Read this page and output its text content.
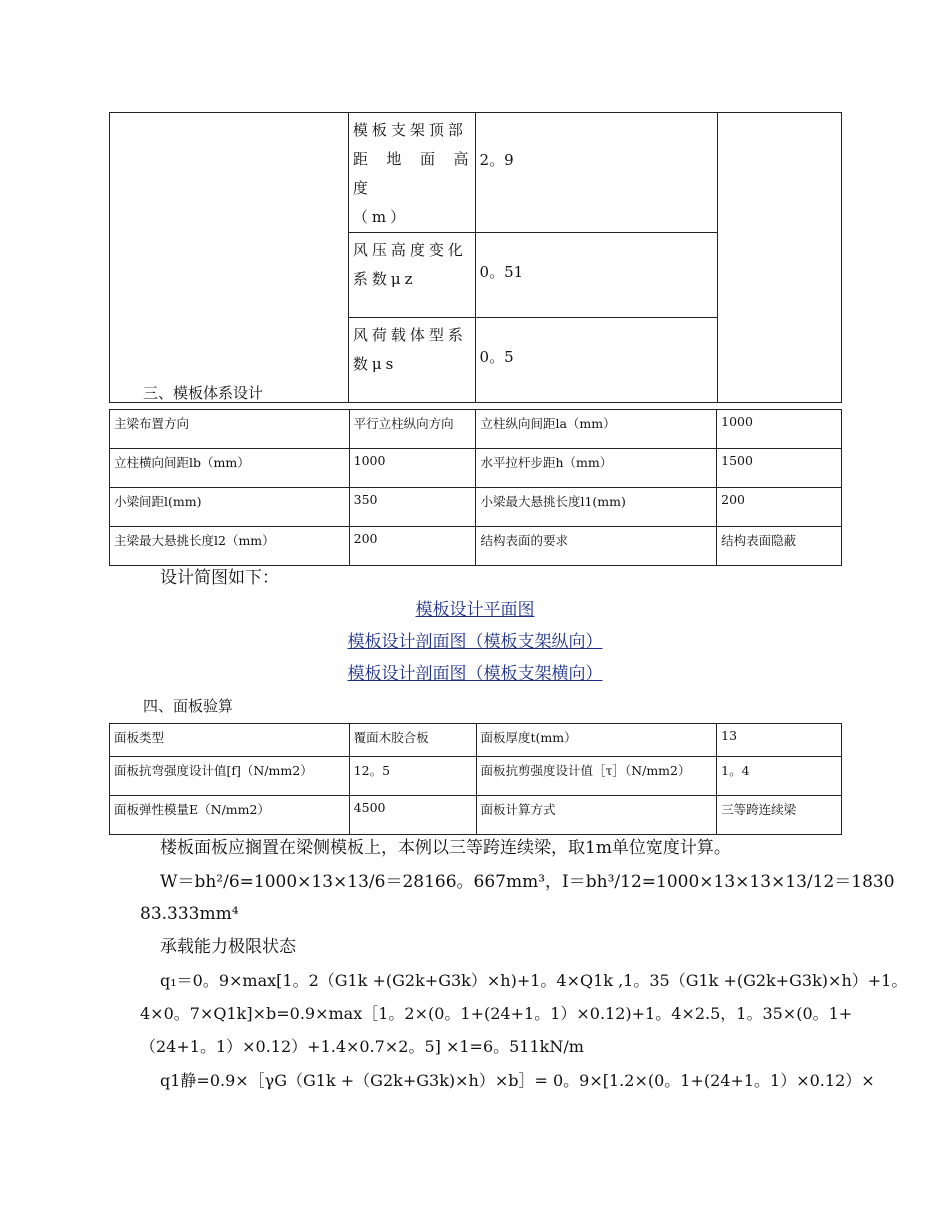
	模板支架顶部
距 地 面 高 度
（m）	2。9	

	风压高度变化
系数μz	0。51	

	风荷载体型系
数μs	0。5	
三、模板体系设计
主梁布置方向	平行立柱纵向方向	立柱纵向间距la（mm）	1000
立柱横向间距lb（mm）	1000	水平拉杆步距h（mm）	1500
小梁间距l(mm)	350	小梁最大悬挑长度l1(mm)	200
主梁最大悬挑长度l2（mm）	200	结构表面的要求	结构表面隐蔽
设计简图如下：
模板设计平面图
模板设计剖面图（模板支架纵向）
模板设计剖面图（模板支架横向）
四、面板验算
面板类型	覆面木胶合板	面板厚度t(mm）	13
面板抗弯强度设计值[f]（N/mm2）	12。5	面板抗剪强度设计值［τ］（N/mm2）	1。4
面板弹性模量E（N/mm2）	4500	面板计算方式	三等跨连续梁
楼板面板应搁置在梁侧模板上，本例以三等跨连续梁，取1m单位宽度计算。
W＝bh²/6=1000×13×13/6＝28166。667mm³，I＝bh³/12=1000×13×13×13/12＝1830
83.333mm⁴
承载能力极限状态
q₁＝0。9×max[1。2（G1k +(G2k+G3k）×h)+1。4×Q1k ,1。35（G1k +(G2k+G3k)×h）+1。
4×0。7×Q1k]×b=0.9×max［1。2×(0。1+(24+1。1）×0.12)+1。4×2.5，1。35×(0。1+
（24+1。1）×0.12）+1.4×0.7×2。5] ×1=6。511kN/m
q1静=0.9×［γG（G1k +（G2k+G3k)×h）×b］= 0。9×[1.2×(0。1+(24+1。1）×0.12）×
